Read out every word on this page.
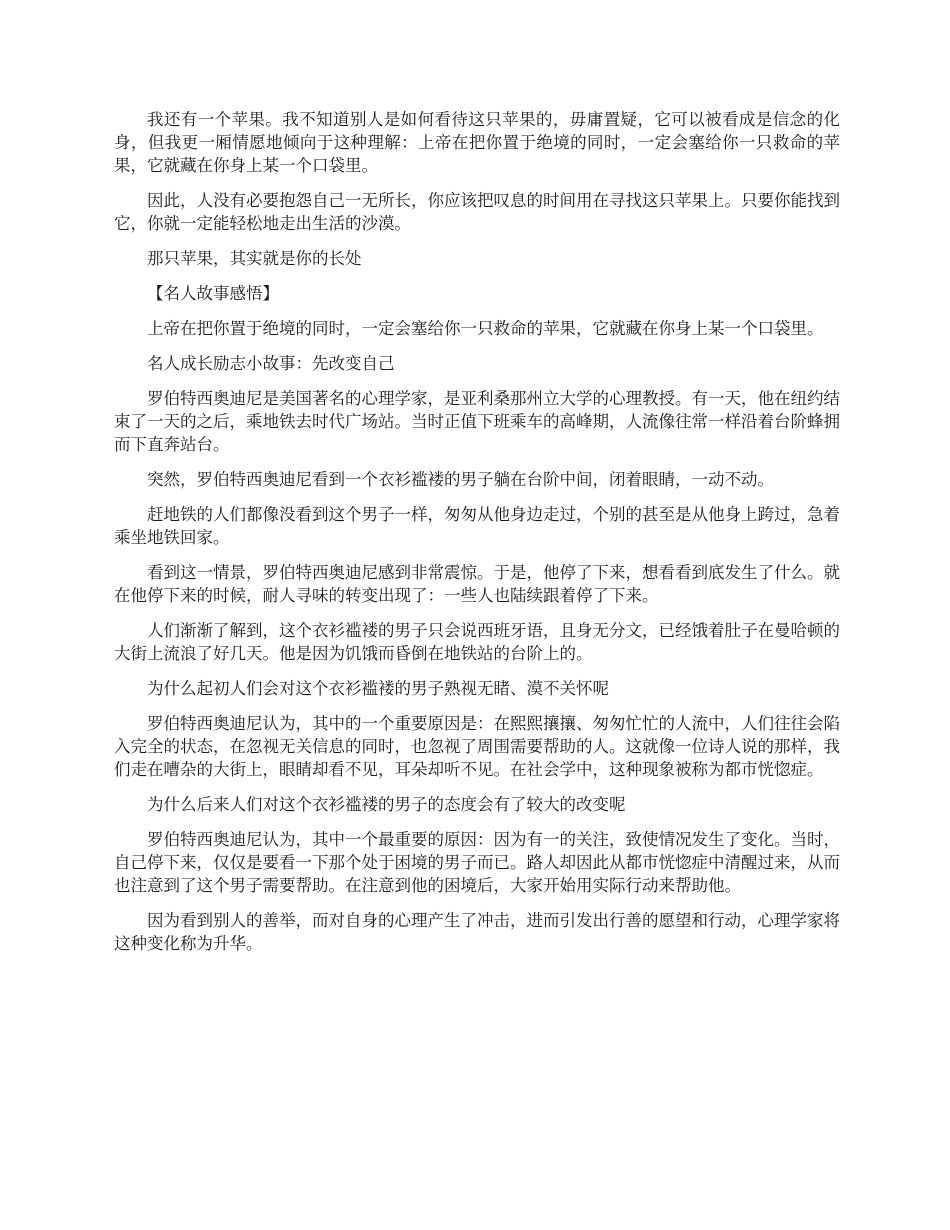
我还有一个苹果。我不知道别人是如何看待这只苹果的，毋庸置疑，它可以被看成是信念的化身，但我更一厢情愿地倾向于这种理解：上帝在把你置于绝境的同时，一定会塞给你一只救命的苹果，它就藏在你身上某一个口袋里。

因此，人没有必要抱怨自己一无所长，你应该把叹息的时间用在寻找这只苹果上。只要你能找到它，你就一定能轻松地走出生活的沙漠。

那只苹果，其实就是你的长处

【名人故事感悟】

上帝在把你置于绝境的同时，一定会塞给你一只救命的苹果，它就藏在你身上某一个口袋里。

名人成长励志小故事：先改变自己

罗伯特西奥迪尼是美国著名的心理学家，是亚利桑那州立大学的心理教授。有一天，他在纽约结束了一天的之后，乘地铁去时代广场站。当时正值下班乘车的高峰期，人流像往常一样沿着台阶蜂拥而下直奔站台。

突然，罗伯特西奥迪尼看到一个衣衫褴褛的男子躺在台阶中间，闭着眼睛，一动不动。

赶地铁的人们都像没看到这个男子一样，匆匆从他身边走过，个别的甚至是从他身上跨过，急着乘坐地铁回家。

看到这一情景，罗伯特西奥迪尼感到非常震惊。于是，他停了下来，想看看到底发生了什么。就在他停下来的时候，耐人寻味的转变出现了：一些人也陆续跟着停了下来。

人们渐渐了解到，这个衣衫褴褛的男子只会说西班牙语，且身无分文，已经饿着肚子在曼哈顿的大街上流浪了好几天。他是因为饥饿而昏倒在地铁站的台阶上的。

为什么起初人们会对这个衣衫褴褛的男子熟视无睹、漠不关怀呢

罗伯特西奥迪尼认为，其中的一个重要原因是：在熙熙攘攘、匆匆忙忙的人流中，人们往往会陷入完全的状态，在忽视无关信息的同时，也忽视了周围需要帮助的人。这就像一位诗人说的那样，我们走在嘈杂的大街上，眼睛却看不见，耳朵却听不见。在社会学中，这种现象被称为都市恍惚症。

为什么后来人们对这个衣衫褴褛的男子的态度会有了较大的改变呢

罗伯特西奥迪尼认为，其中一个最重要的原因：因为有一的关注，致使情况发生了变化。当时，自己停下来，仅仅是要看一下那个处于困境的男子而已。路人却因此从都市恍惚症中清醒过来，从而也注意到了这个男子需要帮助。在注意到他的困境后，大家开始用实际行动来帮助他。

因为看到别人的善举，而对自身的心理产生了冲击，进而引发出行善的愿望和行动，心理学家将这种变化称为升华。
